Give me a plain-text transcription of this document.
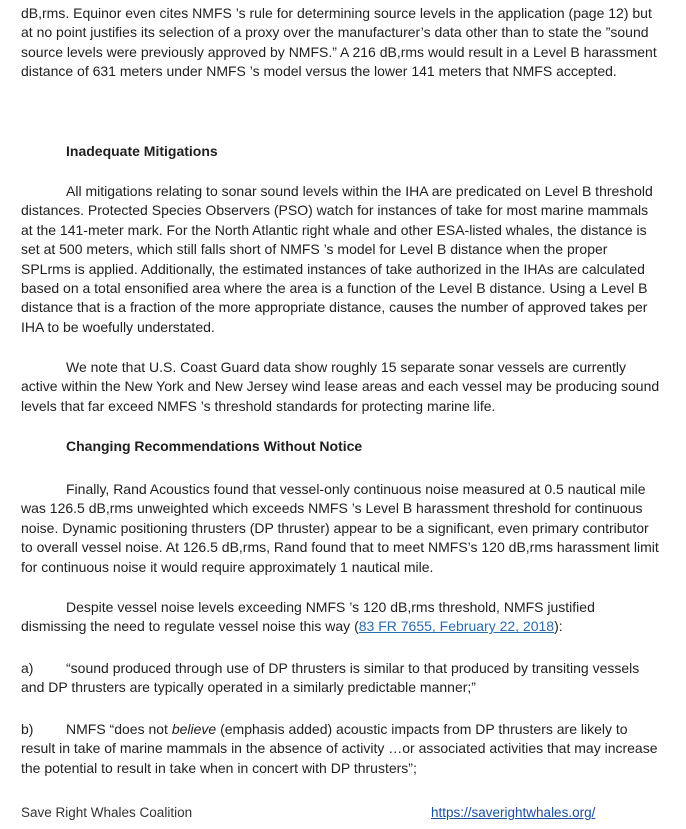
dB,rms. Equinor even cites NMFS ’s rule for determining source levels in the application (page 12) but at no point justifies its selection of a proxy over the manufacturer’s data other than to state the ”sound source levels were previously approved by NMFS.” A 216 dB,rms would result in a Level B harassment distance of 631 meters under NMFS ’s model versus the lower 141 meters that NMFS accepted.

Inadequate Mitigations

All mitigations relating to sonar sound levels within the IHA are predicated on Level B threshold distances. Protected Species Observers (PSO) watch for instances of take for most marine mammals at the 141-meter mark. For the North Atlantic right whale and other ESA-listed whales, the distance is set at 500 meters, which still falls short of NMFS ’s model for Level B distance when the proper SPLrms is applied. Additionally, the estimated instances of take authorized in the IHAs are calculated based on a total ensonified area where the area is a function of the Level B distance. Using a Level B distance that is a fraction of the more appropriate distance, causes the number of approved takes per IHA to be woefully understated.

We note that U.S. Coast Guard data show roughly 15 separate sonar vessels are currently active within the New York and New Jersey wind lease areas and each vessel may be producing sound levels that far exceed NMFS ’s threshold standards for protecting marine life.

Changing Recommendations Without Notice

Finally, Rand Acoustics found that vessel-only continuous noise measured at 0.5 nautical mile was 126.5 dB,rms unweighted which exceeds NMFS ’s Level B harassment threshold for continuous noise. Dynamic positioning thrusters (DP thruster) appear to be a significant, even primary contributor to overall vessel noise. At 126.5 dB,rms, Rand found that to meet NMFS’s 120 dB,rms harassment limit for continuous noise it would require approximately 1 nautical mile.

Despite vessel noise levels exceeding NMFS ’s 120 dB,rms threshold, NMFS justified dismissing the need to regulate vessel noise this way (83 FR 7655, February 22, 2018):

a) “sound produced through use of DP thrusters is similar to that produced by transiting vessels and DP thrusters are typically operated in a similarly predictable manner;”

b) NMFS “does not believe (emphasis added) acoustic impacts from DP thrusters are likely to result in take of marine mammals in the absence of activity …or associated activities that may increase the potential to result in take when in concert with DP thrusters”;

Save Right Whales Coalition	https://saverightwhales.org/
